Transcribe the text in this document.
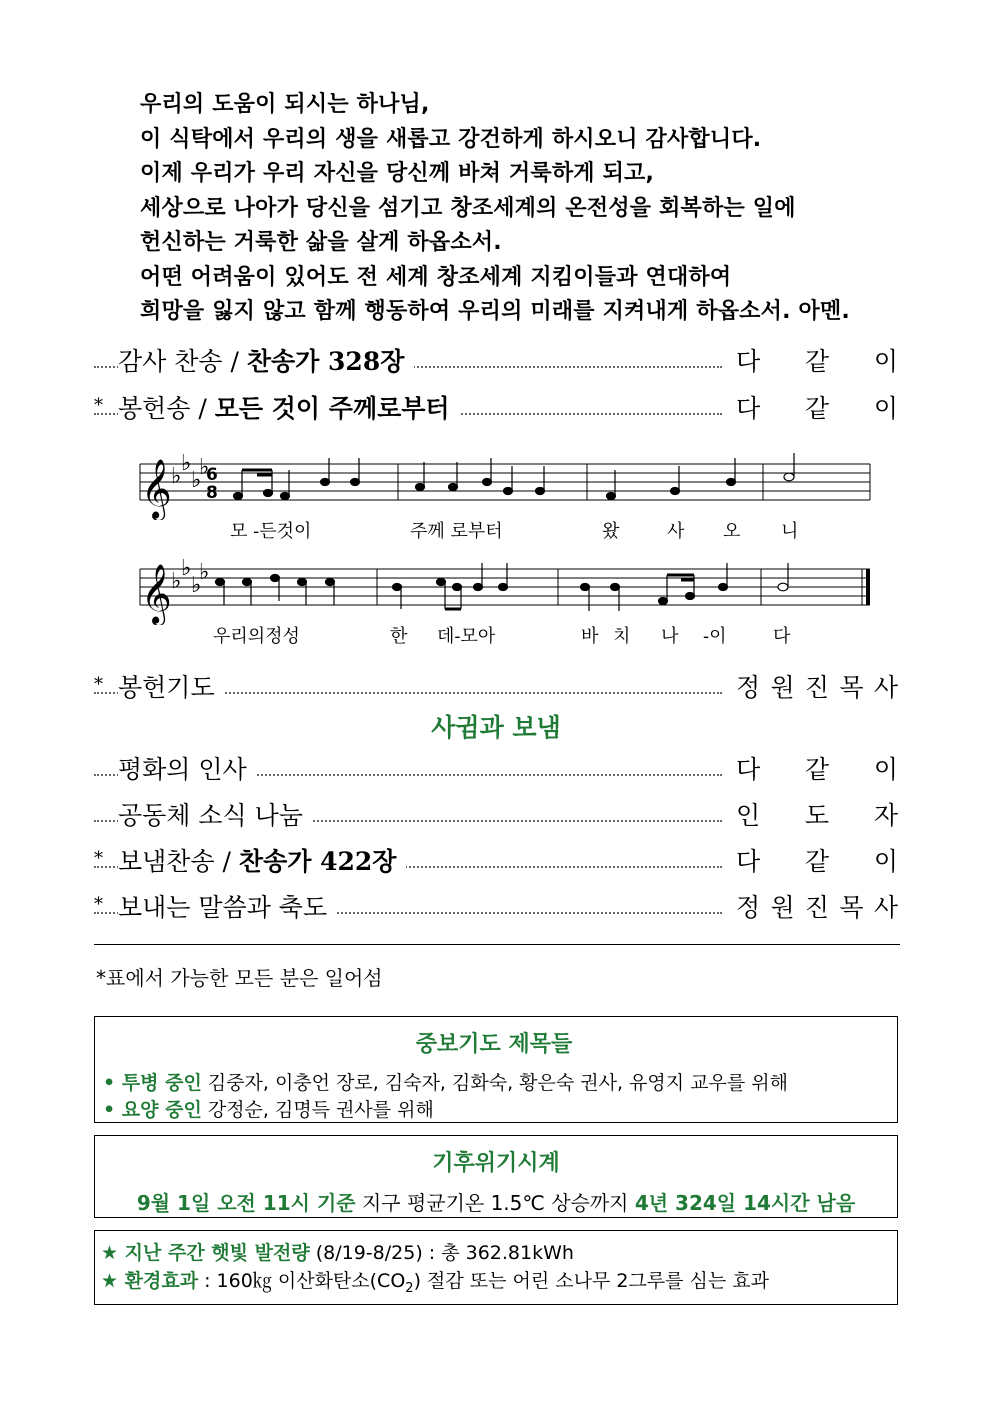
우리의 도움이 되시는 하나님,
이 식탁에서 우리의 생을 새롭고 강건하게 하시오니 감사합니다.
이제 우리가 우리 자신을 당신께 바쳐 거룩하게 되고,
세상으로 나아가 당신을 섬기고 창조세계의 온전성을 회복하는 일에
헌신하는 거룩한 삶을 살게 하옵소서.
어떤 어려움이 있어도 전 세계 창조세계 지킴이들과 연대하여
희망을 잃지 않고 함께 행동하여 우리의 미래를 지켜내게 하옵소서. 아멘.
감사 찬송 / 찬송가 328장	다 같 이
* 봉헌송 / 모든 것이 주께로부터	다 같 이
𝄞 ♭
♭
♭
♭
6
8
모 -든것이	주께 로부터	왔	사 오 니
𝄞 ♭
♭
♭
♭
우리의정성	한 데-모아	바 치 나 -이	다
* 봉헌기도	정 원 진 목 사
사귐과 보냄
평화의 인사	다 같 이
공동체 소식 나눔	인 도 자
* 보냄찬송 / 찬송가 422장	다 같 이
* 보내는 말씀과 축도	정 원 진 목 사
*표에서 가능한 모든 분은 일어섬
중보기도 제목들

• 투병 중인 김중자, 이충언 장로, 김숙자, 김화숙, 황은숙 권사, 유영지 교우를 위해

• 요양 중인 강정순, 김명득 권사를 위해

기후위기시계

9월 1일 오전 11시 기준 지구 평균기온 1.5℃ 상승까지 4년 324일 14시간 남음

★ 지난 주간 햇빛 발전량 (8/19-8/25) : 총 362.81kWh

★ 환경효과 : 160㎏ 이산화탄소$(CO_2)$ 절감 또는 어린 소나무 2그루를 심는 효과
